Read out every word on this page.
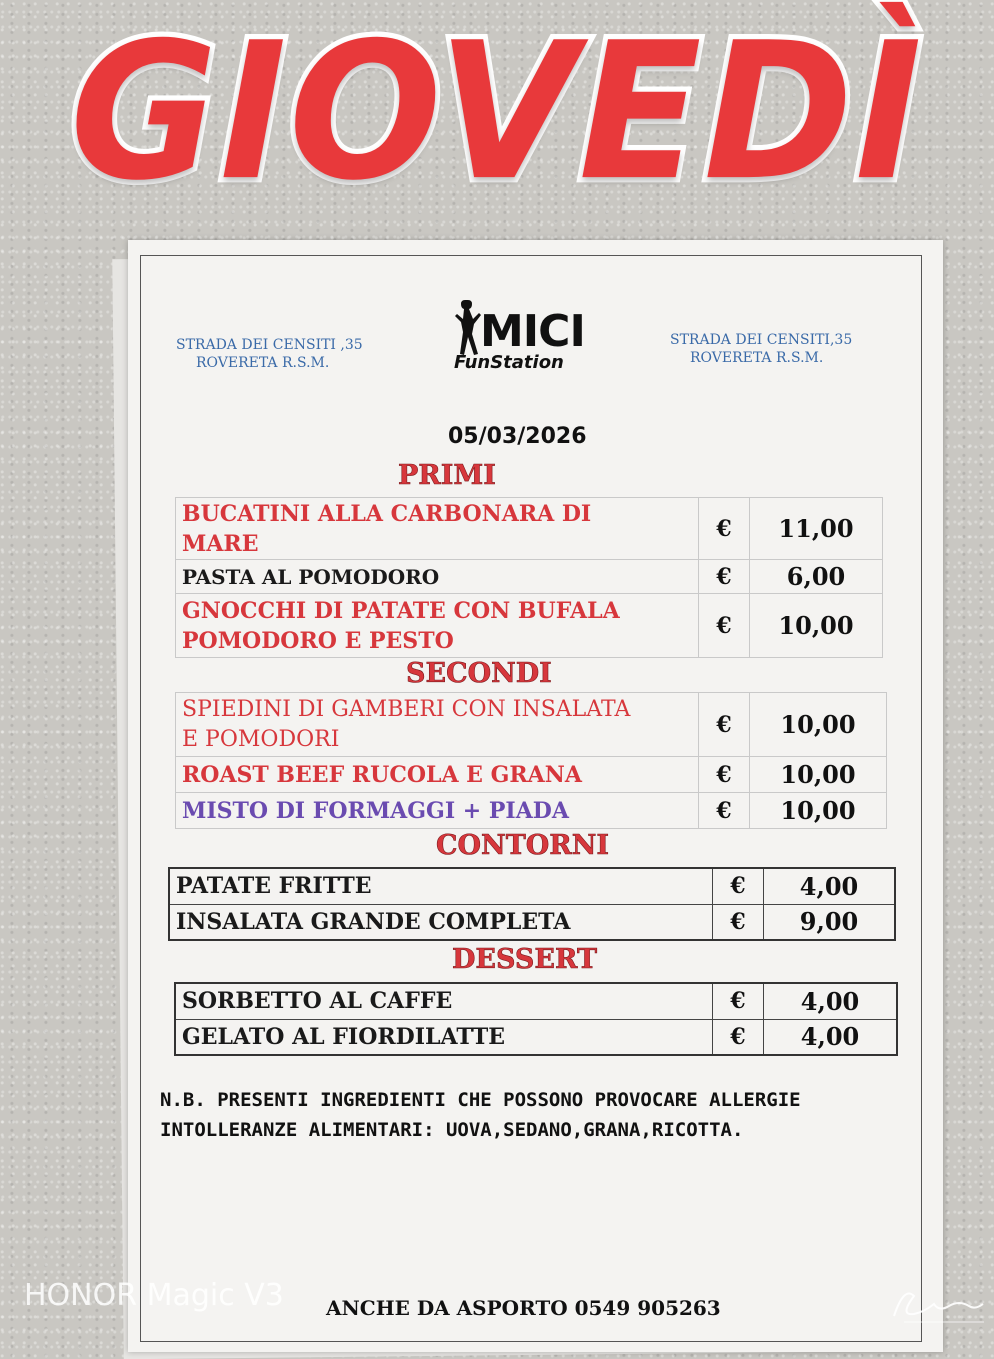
GIOVEDÌ
STRADA DEI CENSITI ,35
ROVERETA R.S.M.
STRADA DEI CENSITI,35
ROVERETA R.S.M.
MICI
FunStation
05/03/2026
PRIMI
BUCATINI ALLA CARBONARA DI
MARE	€	11,00

PASTA AL POMODORO	€	6,00

GNOCCHI DI PATATE CON BUFALA
POMODORO E PESTO	€	10,00
SECONDI
SPIEDINI DI GAMBERI CON INSALATA
E POMODORI	€	10,00

ROAST BEEF RUCOLA E GRANA	€	10,00

MISTO DI FORMAGGI + PIADA	€	10,00
CONTORNI
PATATE FRITTE	€	4,00
INSALATA GRANDE COMPLETA	€	9,00
DESSERT
SORBETTO AL CAFFE	€	4,00
GELATO AL FIORDILATTE	€	4,00
N.B. PRESENTI INGREDIENTI CHE POSSONO PROVOCARE ALLERGIE
INTOLLERANZE ALIMENTARI: UOVA,SEDANO,GRANA,RICOTTA.
ANCHE DA ASPORTO 0549 905263
HONOR Magic V3
